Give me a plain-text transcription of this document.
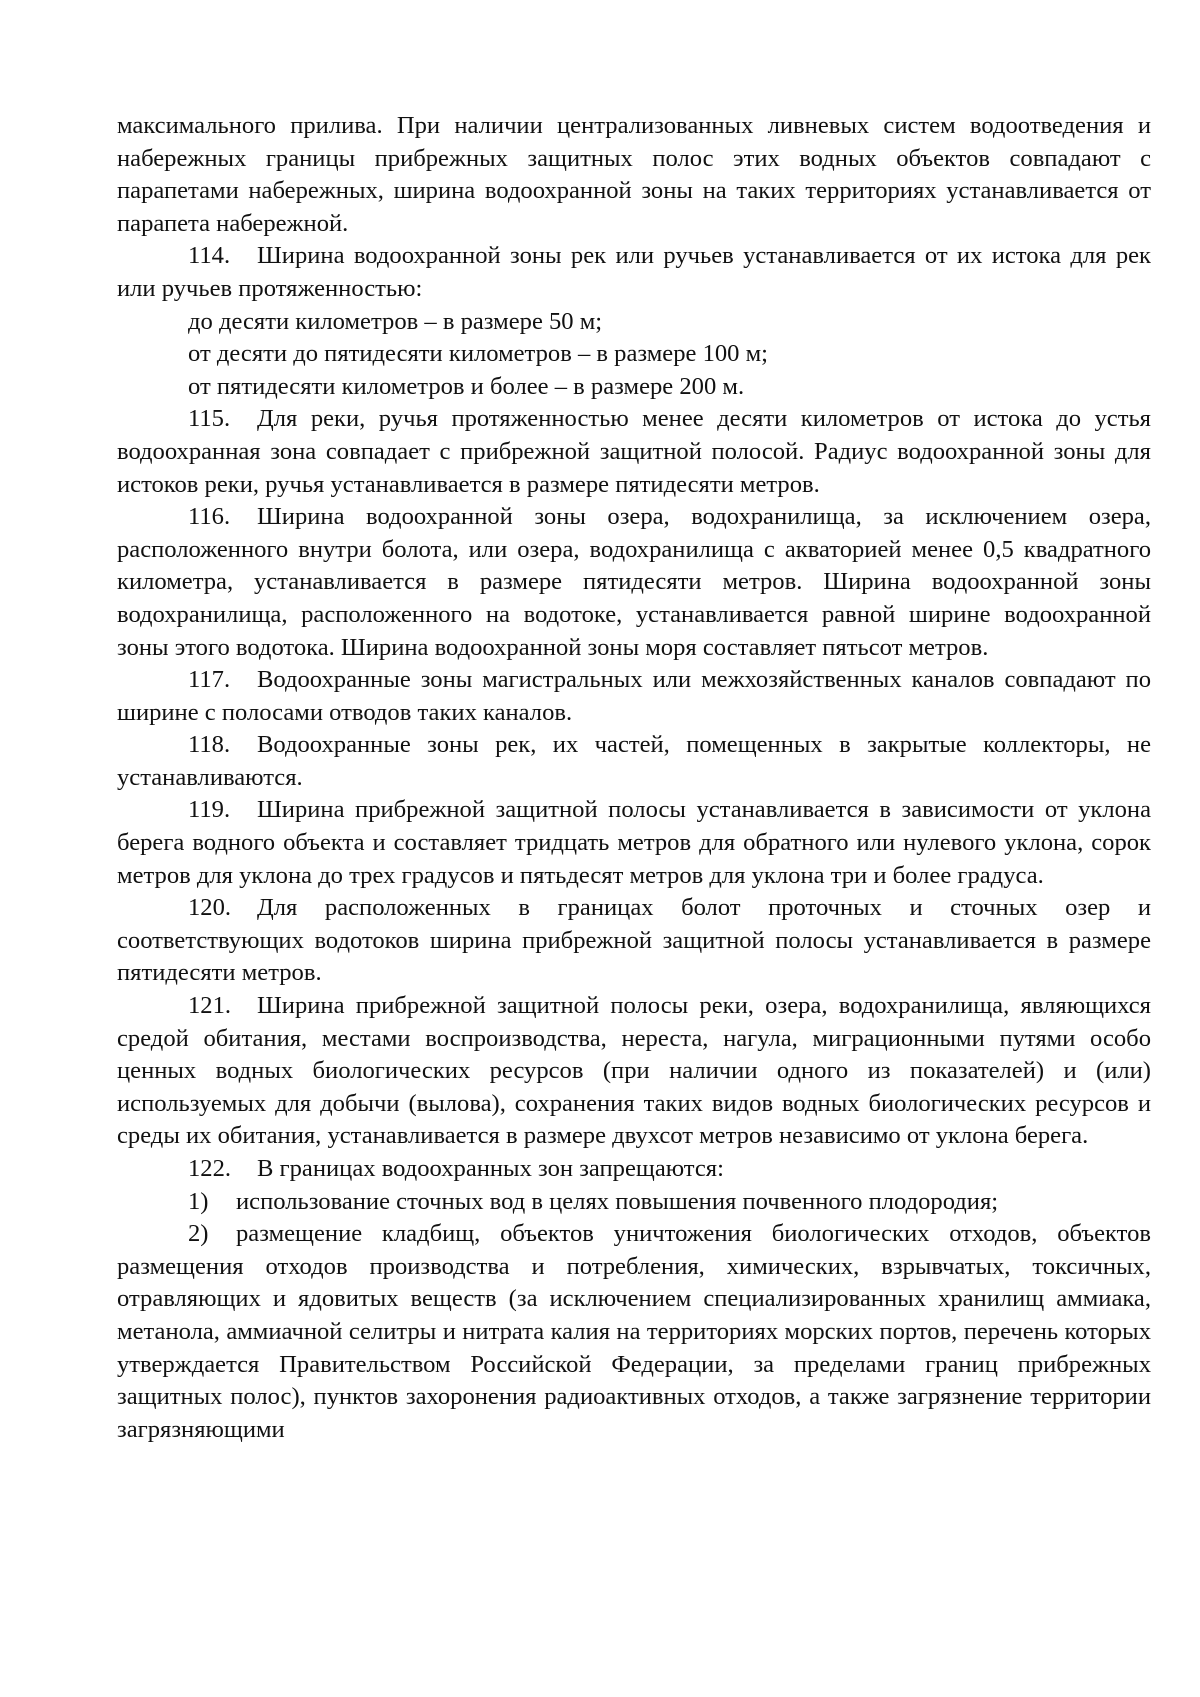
максимального прилива. При наличии централизованных ливневых систем водоотведения и набережных границы прибрежных защитных полос этих водных объектов совпадают с парапетами набережных, ширина водоохранной зоны на таких территориях устанавливается от парапета набережной.

114. Ширина водоохранной зоны рек или ручьев устанавливается от их истока для рек или ручьев протяженностью:

до десяти километров – в размере 50 м;

от десяти до пятидесяти километров – в размере 100 м;

от пятидесяти километров и более – в размере 200 м.

115. Для реки, ручья протяженностью менее десяти километров от истока до устья водоохранная зона совпадает с прибрежной защитной полосой. Радиус водоохранной зоны для истоков реки, ручья устанавливается в размере пятидесяти метров.

116. Ширина водоохранной зоны озера, водохранилища, за исключением озера, расположенного внутри болота, или озера, водохранилища с акваторией менее 0,5 квадратного километра, устанавливается в размере пятидесяти метров. Ширина водоохранной зоны водохранилища, расположенного на водотоке, устанавливается равной ширине водоохранной зоны этого водотока. Ширина водоохранной зоны моря составляет пятьсот метров.

117. Водоохранные зоны магистральных или межхозяйственных каналов совпадают по ширине с полосами отводов таких каналов.

118. Водоохранные зоны рек, их частей, помещенных в закрытые коллекторы, не устанавливаются.

119. Ширина прибрежной защитной полосы устанавливается в зависимости от уклона берега водного объекта и составляет тридцать метров для обратного или нулевого уклона, сорок метров для уклона до трех градусов и пятьдесят метров для уклона три и более градуса.

120. Для расположенных в границах болот проточных и сточных озер и соответствующих водотоков ширина прибрежной защитной полосы устанавливается в размере пятидесяти метров.

121. Ширина прибрежной защитной полосы реки, озера, водохранилища, являющихся средой обитания, местами воспроизводства, нереста, нагула, миграционными путями особо ценных водных биологических ресурсов (при наличии одного из показателей) и (или) используемых для добычи (вылова), сохранения таких видов водных биологических ресурсов и среды их обитания, устанавливается в размере двухсот метров независимо от уклона берега.

122. В границах водоохранных зон запрещаются:

1) использование сточных вод в целях повышения почвенного плодородия;

2) размещение кладбищ, объектов уничтожения биологических отходов, объектов размещения отходов производства и потребления, химических, взрывчатых, токсичных, отравляющих и ядовитых веществ (за исключением специализированных хранилищ аммиака, метанола, аммиачной селитры и нитрата калия на территориях морских портов, перечень которых утверждается Правительством Российской Федерации, за пределами границ прибрежных защитных полос), пунктов захоронения радиоактивных отходов, а также загрязнение территории загрязняющими
